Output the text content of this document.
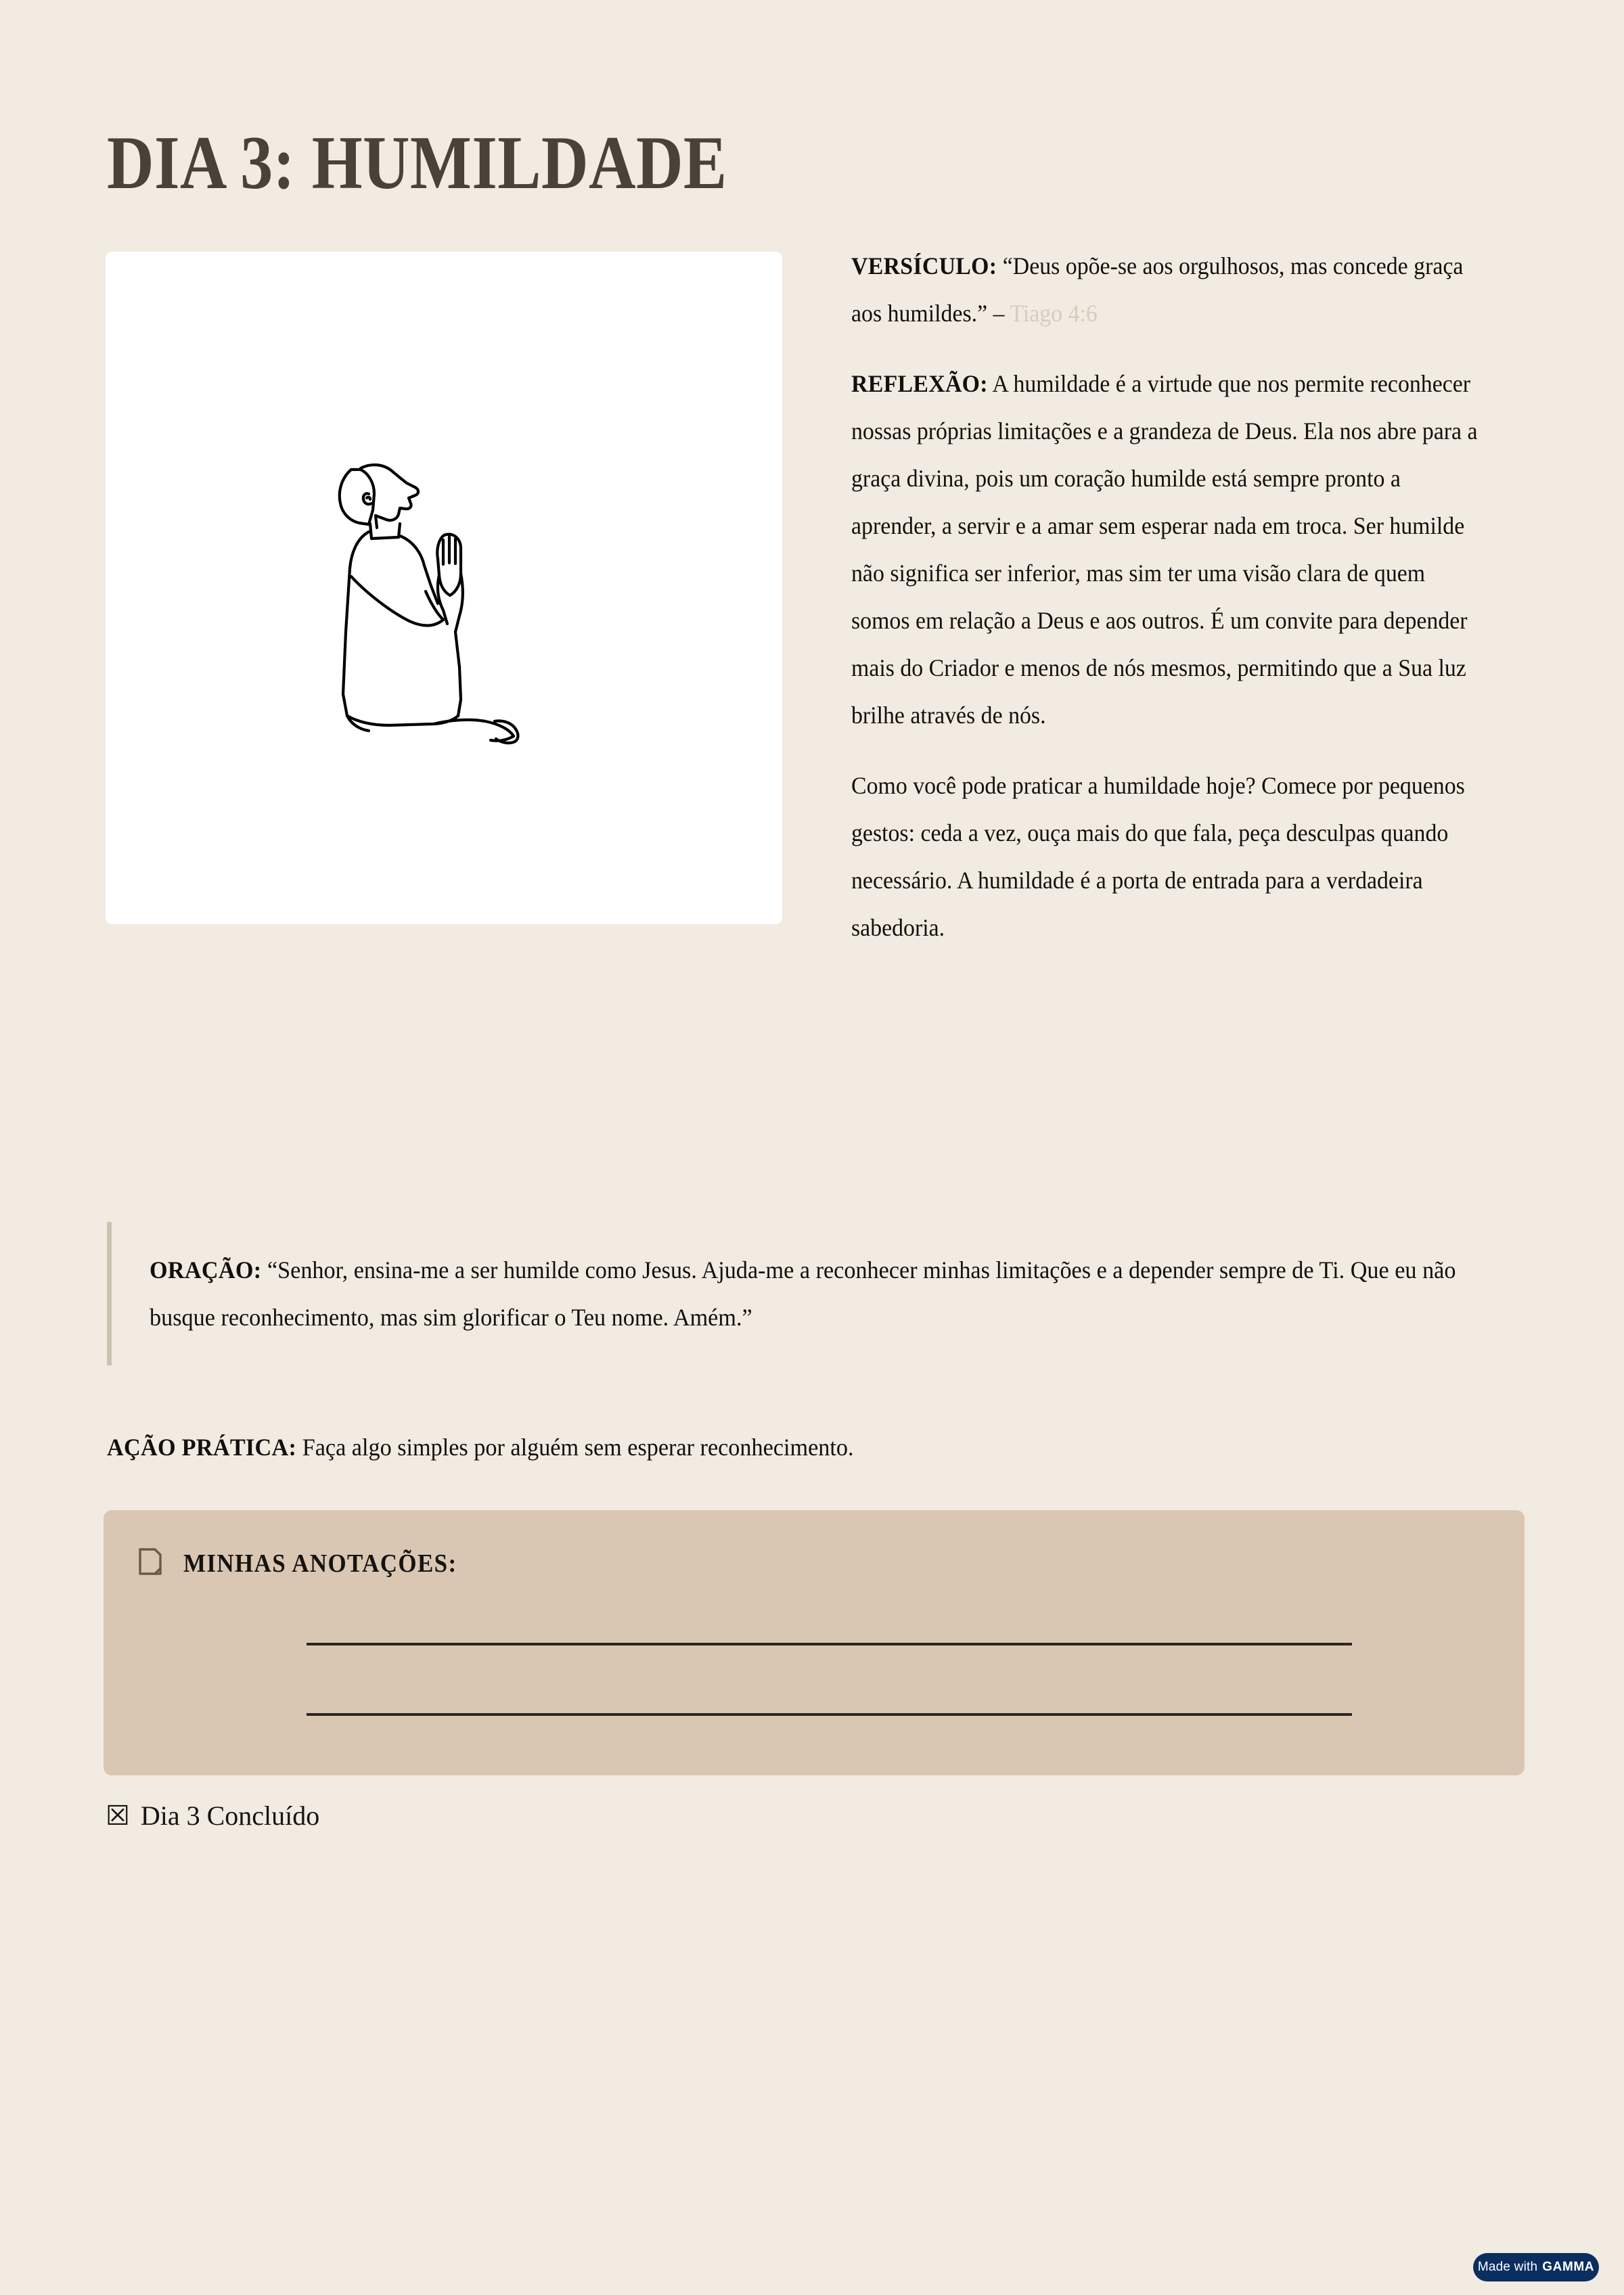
DIA 3: HUMILDADE

VERSÍCULO: “Deus opõe-se aos orgulhosos, mas concede graça aos humildes.” – Tiago 4:6

REFLEXÃO: A humildade é a virtude que nos permite reconhecer nossas próprias limitações e a grandeza de Deus. Ela nos abre para a graça divina, pois um coração humilde está sempre pronto a aprender, a servir e a amar sem esperar nada em troca. Ser humilde não significa ser inferior, mas sim ter uma visão clara de quem somos em relação a Deus e aos outros. É um convite para depender mais do Criador e menos de nós mesmos, permitindo que a Sua luz brilhe através de nós.

Como você pode praticar a humildade hoje? Comece por pequenos gestos: ceda a vez, ouça mais do que fala, peça desculpas quando necessário. A humildade é a porta de entrada para a verdadeira sabedoria.

ORAÇÃO: “Senhor, ensina-me a ser humilde como Jesus. Ajuda-me a reconhecer minhas limitações e a depender sempre de Ti. Que eu não busque reconhecimento, mas sim glorificar o Teu nome. Amém.”

AÇÃO PRÁTICA: Faça algo simples por alguém sem esperar reconhecimento.

MINHAS ANOTAÇÕES:
☒ Dia 3 Concluído
Made with GAMMA
